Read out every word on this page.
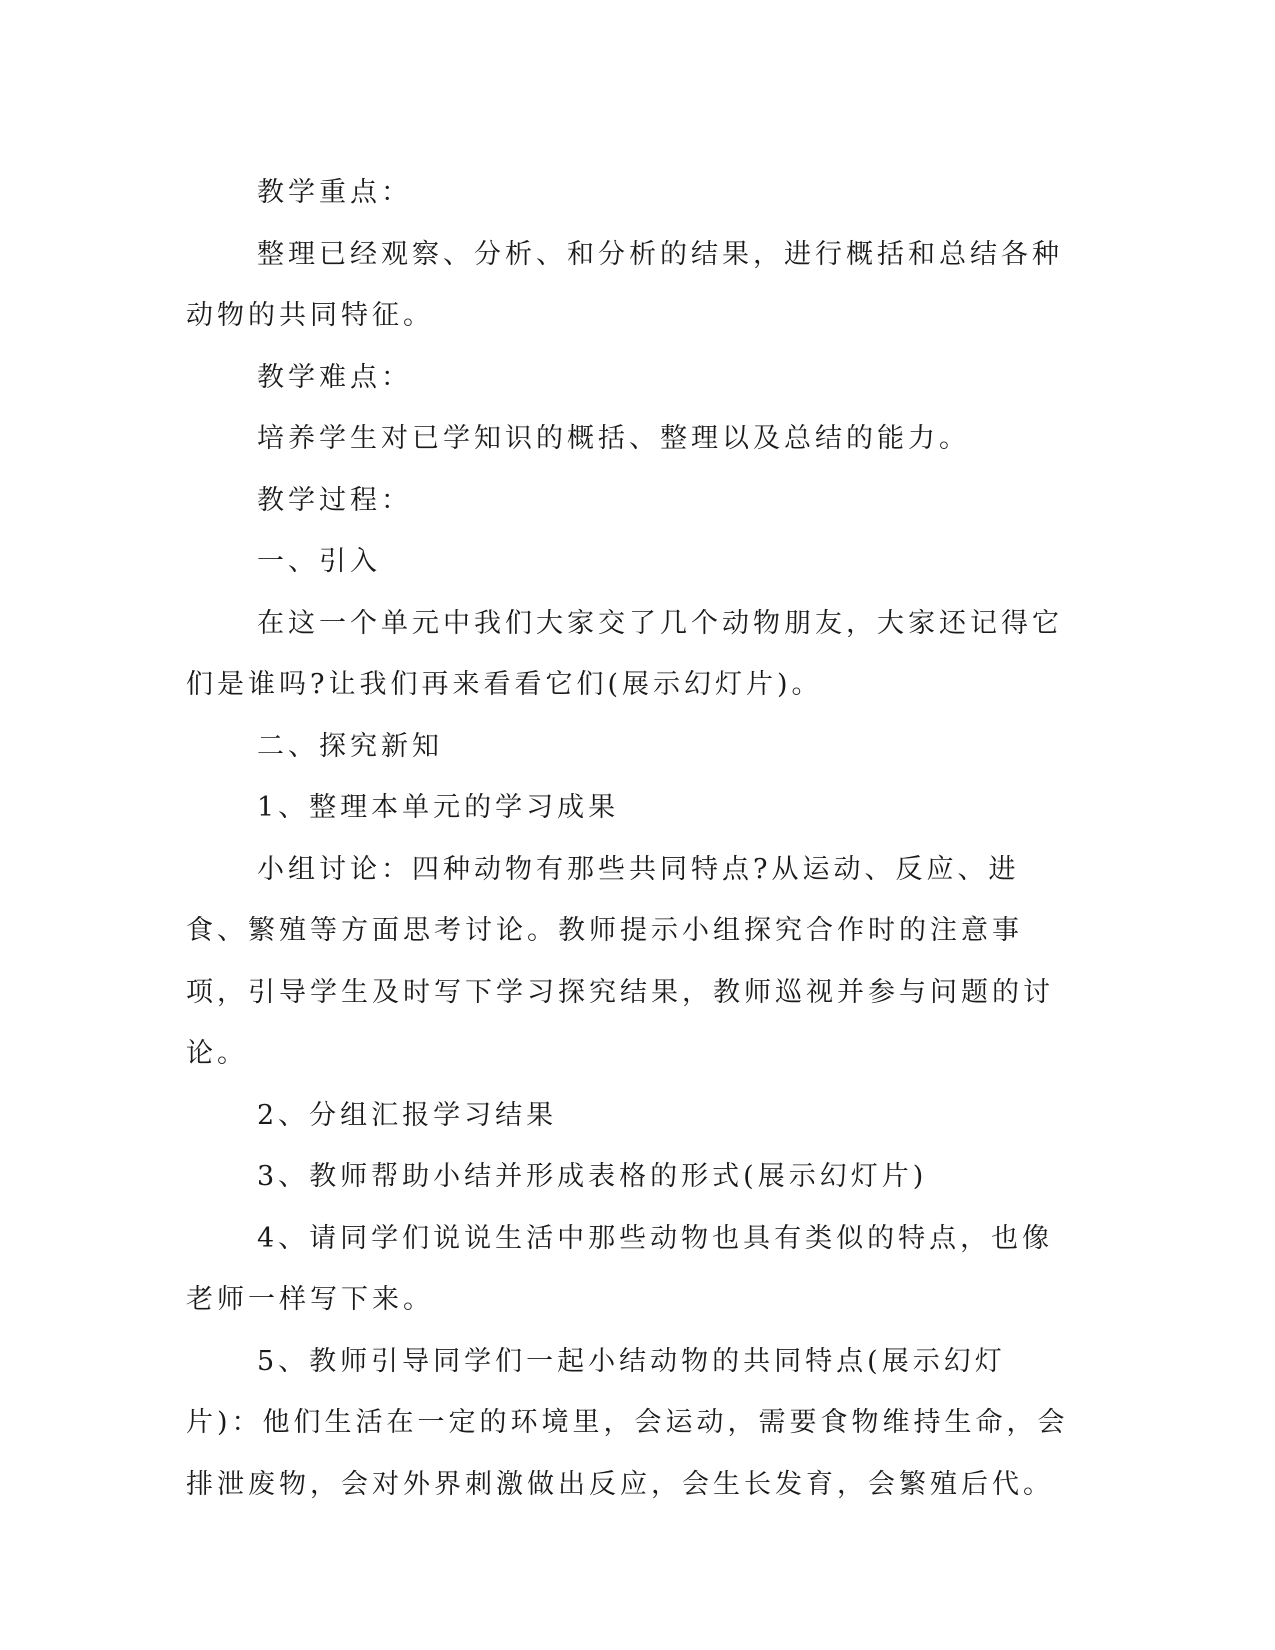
教学重点：

整理已经观察、分析、和分析的结果，进行概括和总结各种动物的共同特征。

教学难点：

培养学生对已学知识的概括、整理以及总结的能力。

教学过程：

一、引入

在这一个单元中我们大家交了几个动物朋友，大家还记得它们是谁吗?让我们再来看看它们(展示幻灯片)。

二、探究新知

1、整理本单元的学习成果

小组讨论：四种动物有那些共同特点?从运动、反应、进食、繁殖等方面思考讨论。教师提示小组探究合作时的注意事项，引导学生及时写下学习探究结果，教师巡视并参与问题的讨论。

2、分组汇报学习结果

3、教师帮助小结并形成表格的形式(展示幻灯片)

4、请同学们说说生活中那些动物也具有类似的特点，也像老师一样写下来。

5、教师引导同学们一起小结动物的共同特点(展示幻灯片)：他们生活在一定的环境里，会运动，需要食物维持生命，会排泄废物，会对外界刺激做出反应，会生长发育，会繁殖后代。
